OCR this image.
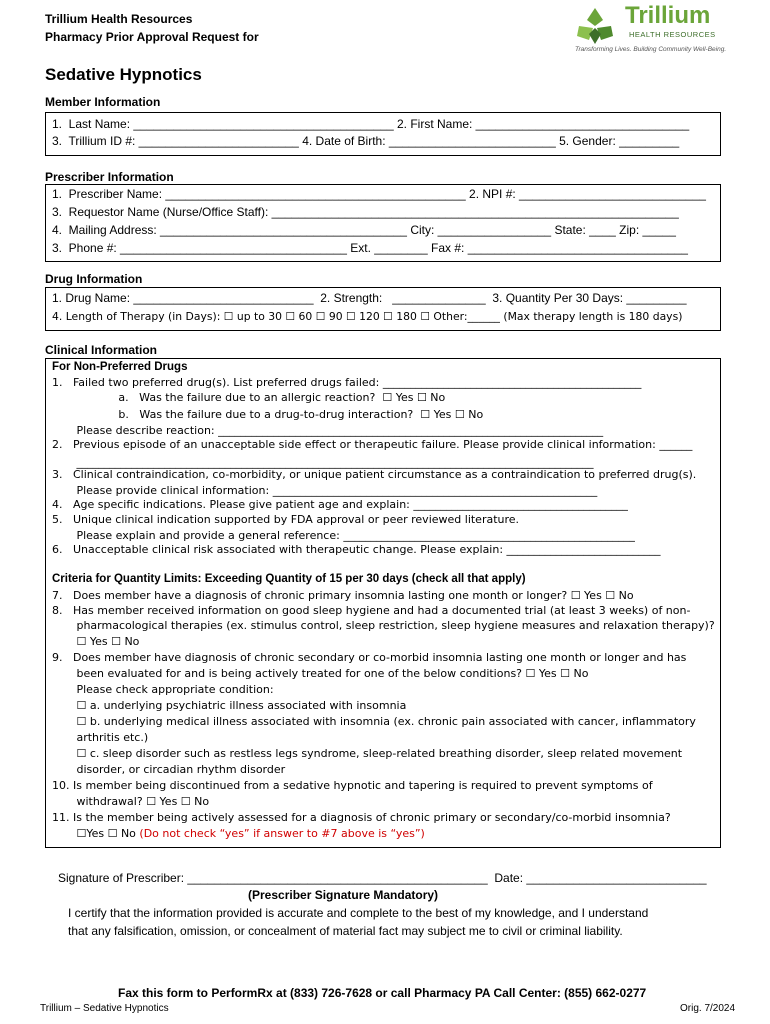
Trillium Health Resources
Pharmacy Prior Approval Request for
Trillium
HEALTH RESOURCES
Transforming Lives. Building Community Well-Being.
Sedative Hypnotics
Member Information
1.  Last Name: _______________________________________ 2. First Name: ________________________________
3.  Trillium ID #: ________________________ 4. Date of Birth: _________________________ 5. Gender: _________
Prescriber Information
1.  Prescriber Name: _____________________________________________ 2. NPI #: ____________________________
3.  Requestor Name (Nurse/Office Staff): _____________________________________________________________
4.  Mailing Address: _____________________________________ City: _________________ State: ____ Zip: _____
3.  Phone #: __________________________________ Ext. ________ Fax #: _________________________________
Drug Information
1. Drug Name: ___________________________  2. Strength:   ______________  3. Quantity Per 30 Days: _________
4. Length of Therapy (in Days): ☐ up to 30 ☐ 60 ☐ 90 ☐ 120 ☐ 180 ☐ Other:______ (Max therapy length is 180 days)
Clinical Information
For Non-Preferred Drugs
1.   Failed two preferred drug(s). List preferred drugs failed: _______________________________________________
a.   Was the failure due to an allergic reaction?  ☐ Yes ☐ No
b.   Was the failure due to a drug-to-drug interaction?  ☐ Yes ☐ No
Please describe reaction: ______________________________________________________________________
2.   Previous episode of an unacceptable side effect or therapeutic failure. Please provide clinical information: ______
______________________________________________________________________________________________
3.   Clinical contraindication, co-morbidity, or unique patient circumstance as a contraindication to preferred drug(s).
Please provide clinical information: ___________________________________________________________
4.   Age specific indications. Please give patient age and explain: _______________________________________
5.   Unique clinical indication supported by FDA approval or peer reviewed literature.
Please explain and provide a general reference: _____________________________________________________
6.   Unacceptable clinical risk associated with therapeutic change. Please explain: ____________________________
Criteria for Quantity Limits: Exceeding Quantity of 15 per 30 days (check all that apply)
7.   Does member have a diagnosis of chronic primary insomnia lasting one month or longer? ☐ Yes ☐ No
8.   Has member received information on good sleep hygiene and had a documented trial (at least 3 weeks) of non-
pharmacological therapies (ex. stimulus control, sleep restriction, sleep hygiene measures and relaxation therapy)?
☐ Yes ☐ No
9.   Does member have diagnosis of chronic secondary or co-morbid insomnia lasting one month or longer and has
been evaluated for and is being actively treated for one of the below conditions? ☐ Yes ☐ No
Please check appropriate condition:
☐ a. underlying psychiatric illness associated with insomnia
☐ b. underlying medical illness associated with insomnia (ex. chronic pain associated with cancer, inflammatory
arthritis etc.)
☐ c. sleep disorder such as restless legs syndrome, sleep-related breathing disorder, sleep related movement
disorder, or circadian rhythm disorder
10. Is member being discontinued from a sedative hypnotic and tapering is required to prevent symptoms of
withdrawal? ☐ Yes ☐ No
11. Is the member being actively assessed for a diagnosis of chronic primary or secondary/co-morbid insomnia?
☐Yes ☐ No (Do not check “yes” if answer to #7 above is “yes”)
Signature of Prescriber: _____________________________________________  Date: ___________________________
(Prescriber Signature Mandatory)
I certify that the information provided is accurate and complete to the best of my knowledge, and I understand
that any falsification, omission, or concealment of material fact may subject me to civil or criminal liability.
Fax this form to PerformRx at (833) 726-7628 or call Pharmacy PA Call Center: (855) 662-0277
Trillium – Sedative Hypnotics	Orig. 7/2024
